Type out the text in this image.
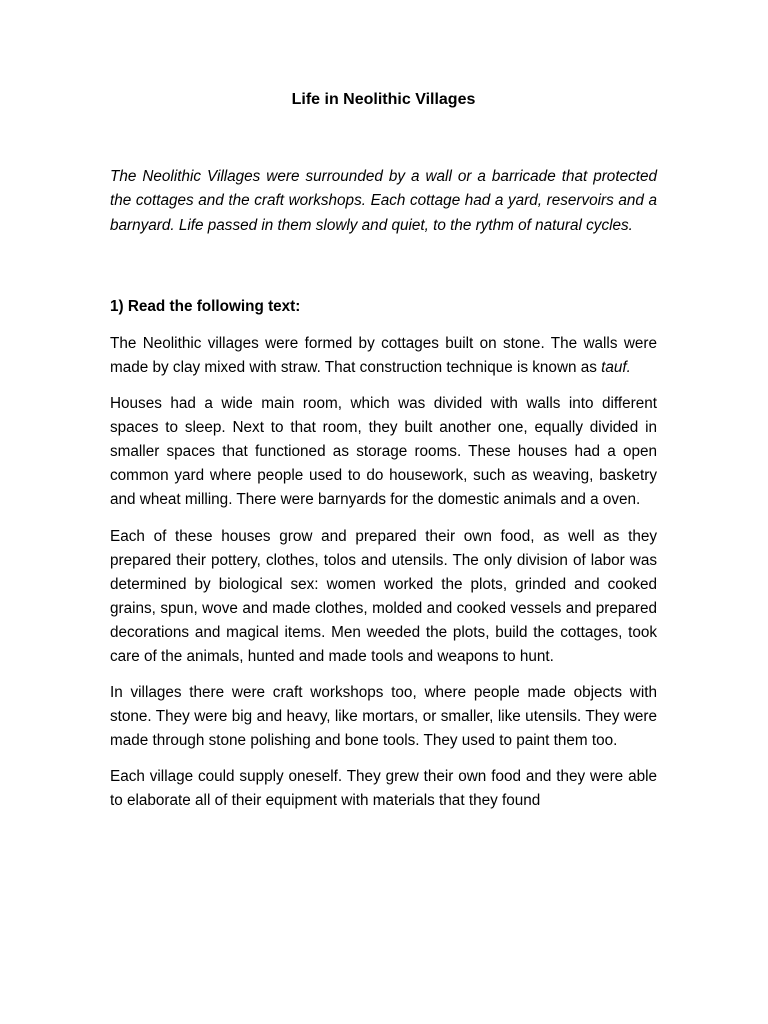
Life in Neolithic Villages

The Neolithic Villages were surrounded by a wall or a barricade that protected the cottages and the craft workshops. Each cottage had a yard, reservoirs and a barnyard. Life passed in them slowly and quiet, to the rythm of natural cycles.

1) Read the following text:

The Neolithic villages were formed by cottages built on stone. The walls were made by clay mixed with straw. That construction technique is known as tauf.

Houses had a wide main room, which was divided with walls into different spaces to sleep. Next to that room, they built another one, equally divided in smaller spaces that functioned as storage rooms. These houses had a open common yard where people used to do housework, such as weaving, basketry and wheat milling. There were barnyards for the domestic animals and a oven.

Each of these houses grow and prepared their own food, as well as they prepared their pottery, clothes, tolos and utensils. The only division of labor was determined by biological sex: women worked the plots, grinded and cooked grains, spun, wove and made clothes, molded and cooked vessels and prepared decorations and magical items. Men weeded the plots, build the cottages, took care of the animals, hunted and made tools and weapons to hunt.

In villages there were craft workshops too, where people made objects with stone. They were big and heavy, like mortars, or smaller, like utensils. They were made through stone polishing and bone tools. They used to paint them too.

Each village could supply oneself. They grew their own food and they were able to elaborate all of their equipment with materials that they found
